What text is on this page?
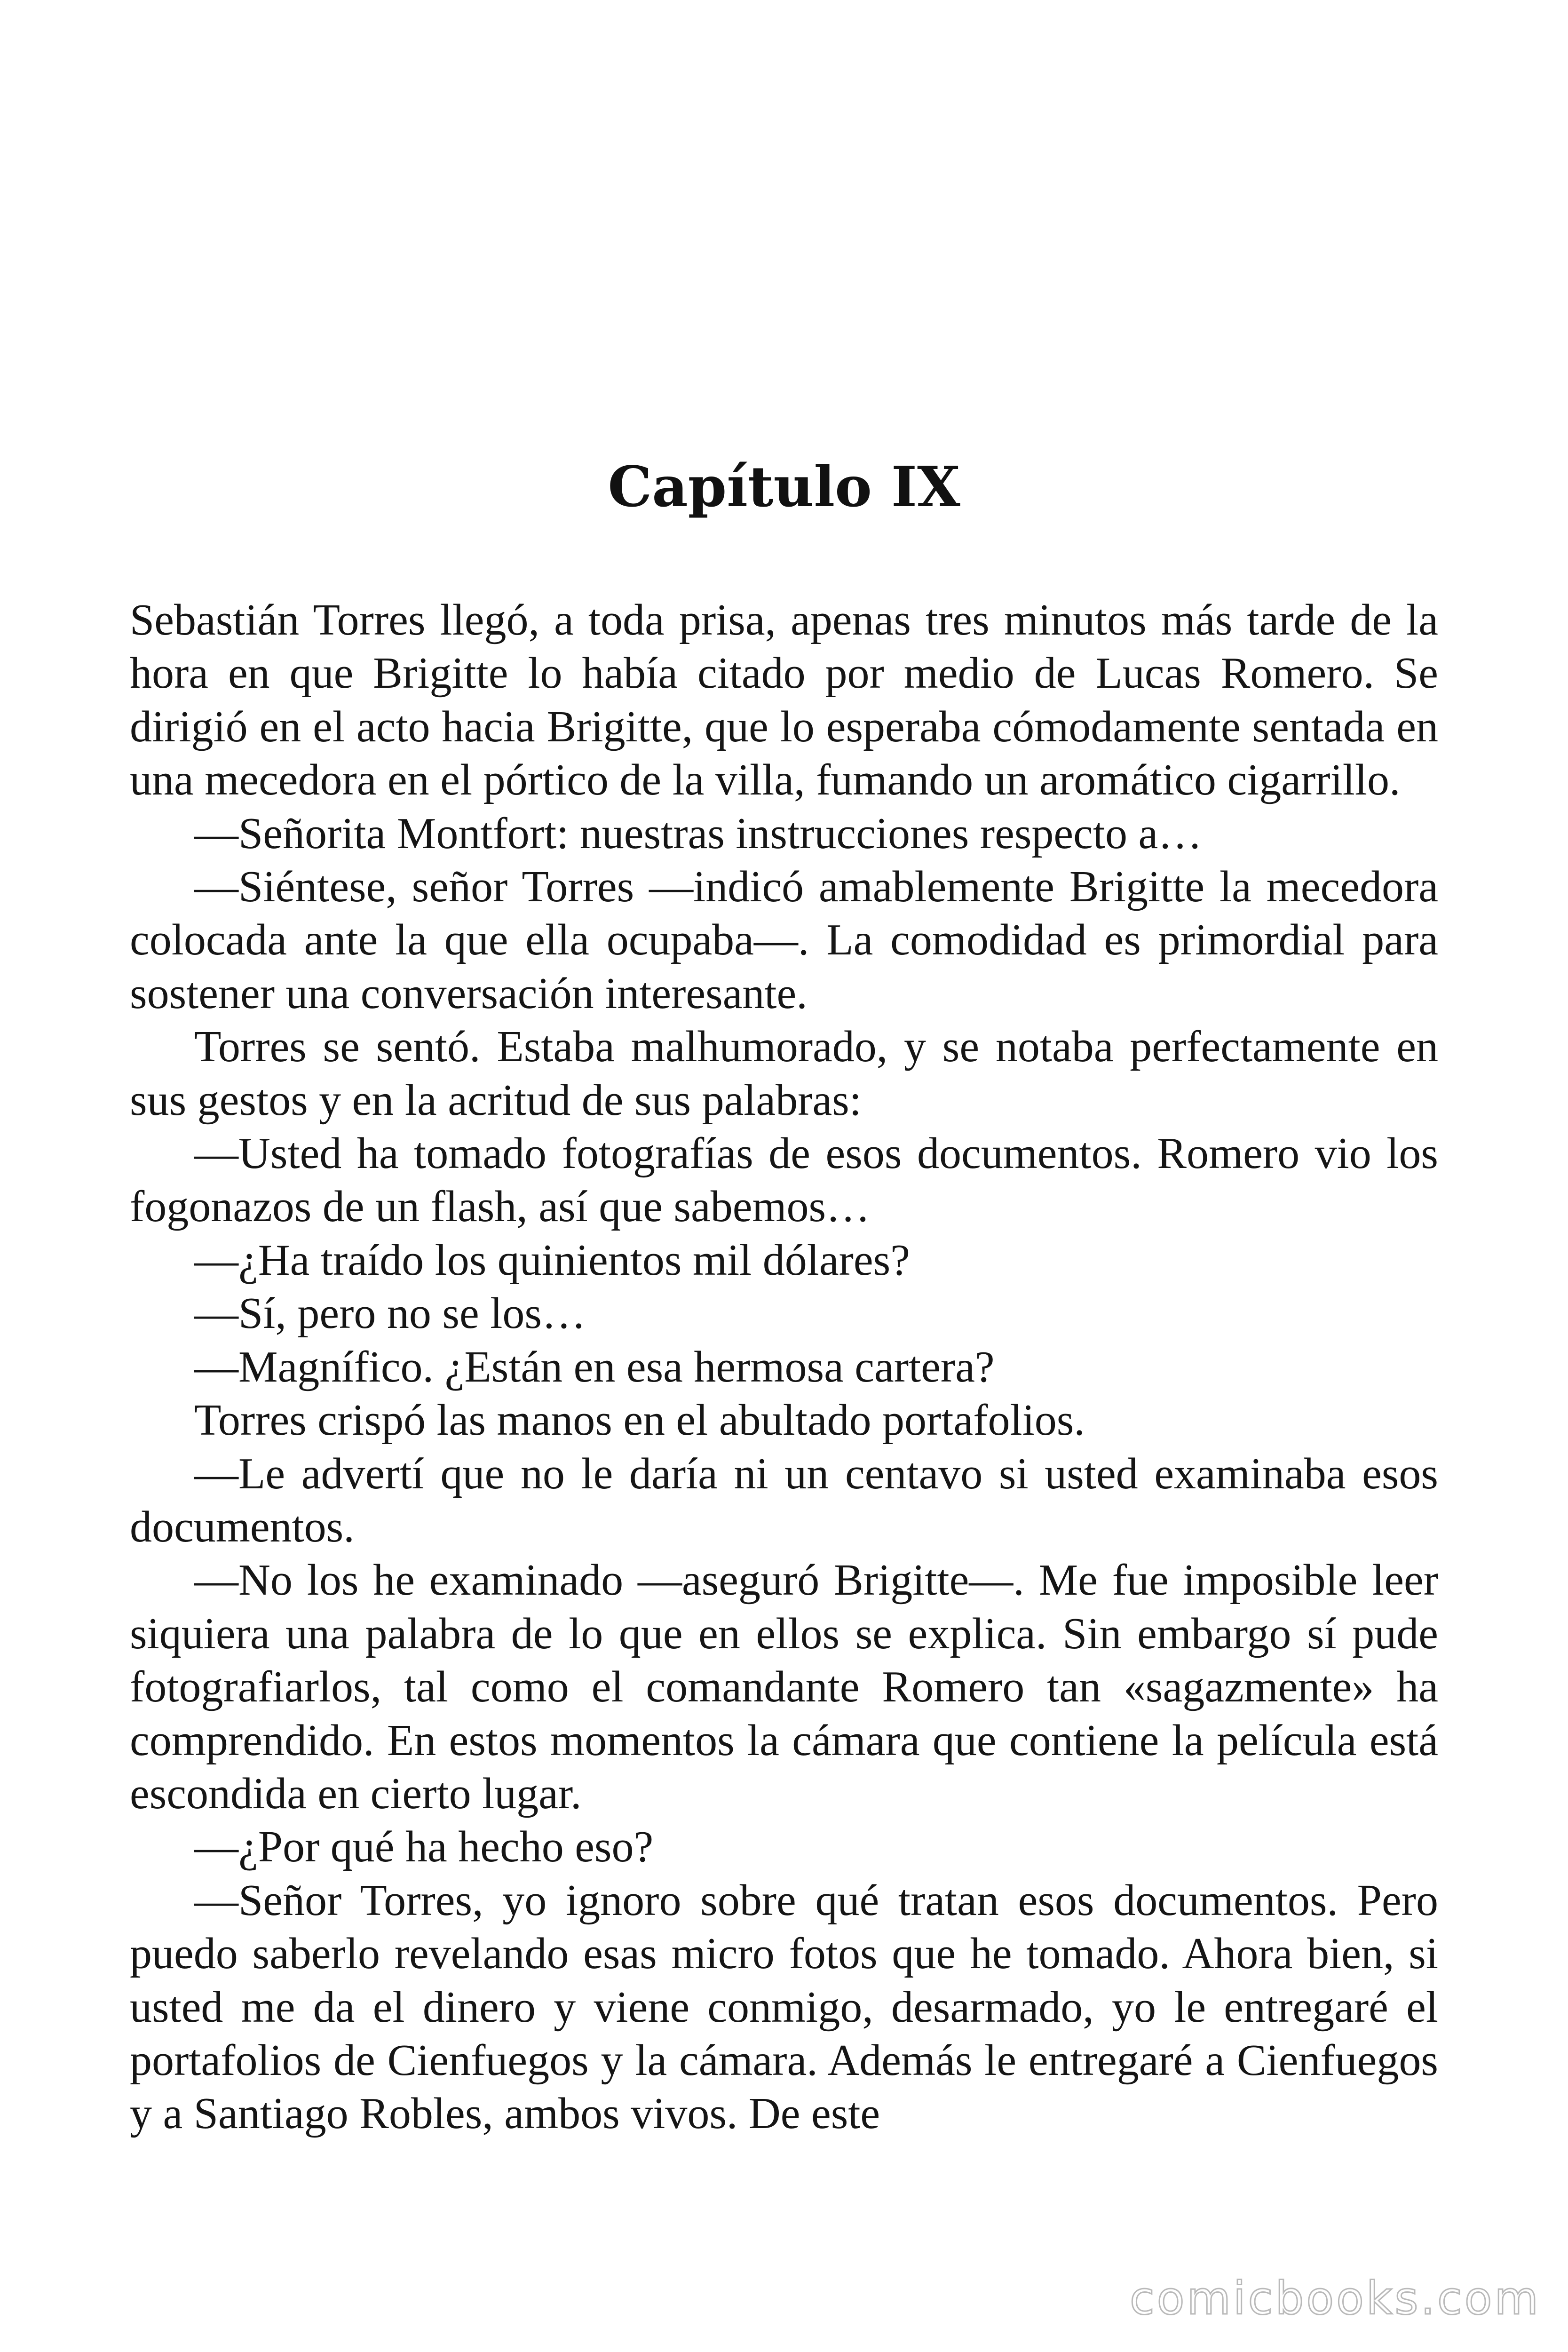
Capítulo IX

Sebastián Torres llegó, a toda prisa, apenas tres minutos más tarde de la hora en que Brigitte lo había citado por medio de Lucas Romero. Se dirigió en el acto hacia Brigitte, que lo esperaba cómodamente sentada en una mecedora en el pórtico de la villa, fumando un aromático cigarrillo.

—Señorita Montfort: nuestras instrucciones respecto a…

—Siéntese, señor Torres —indicó amablemente Brigitte la mecedora colocada ante la que ella ocupaba—. La comodidad es primordial para sostener una conversación interesante.

Torres se sentó. Estaba malhumorado, y se notaba perfectamente en sus gestos y en la acritud de sus palabras:

—Usted ha tomado fotografías de esos documentos. Romero vio los fogonazos de un flash, así que sabemos…

—¿Ha traído los quinientos mil dólares?

—Sí, pero no se los…

—Magnífico. ¿Están en esa hermosa cartera?

Torres crispó las manos en el abultado portafolios.

—Le advertí que no le daría ni un centavo si usted examinaba esos documentos.

—No los he examinado —aseguró Brigitte—. Me fue imposible leer siquiera una palabra de lo que en ellos se explica. Sin embargo sí pude fotografiarlos, tal como el comandante Romero tan «sagazmente» ha comprendido. En estos momentos la cámara que contiene la película está escondida en cierto lugar.

—¿Por qué ha hecho eso?

—Señor Torres, yo ignoro sobre qué tratan esos documentos. Pero puedo saberlo revelando esas micro fotos que he tomado. Ahora bien, si usted me da el dinero y viene conmigo, desarmado, yo le entregaré el portafolios de Cienfuegos y la cámara. Además le entregaré a Cienfuegos y a Santiago Robles, ambos vivos. De este

comicbooks.com
